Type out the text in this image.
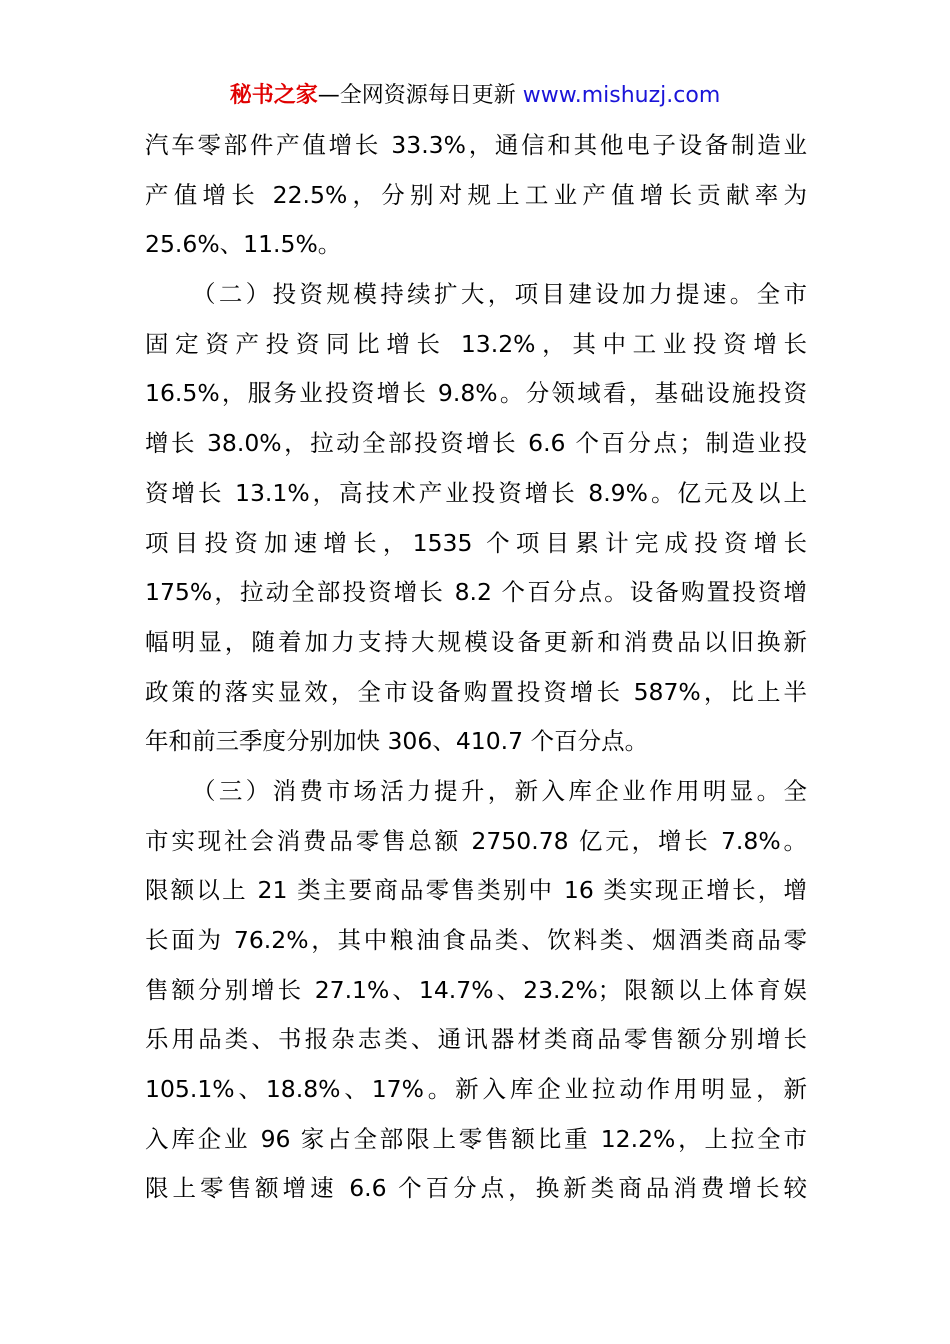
秘书之家—全网资源每日更新 www.mishuzj.com
汽车零部件产值增长 33.3%，通信和其他电子设备制造业
产值增长 22.5%，分别对规上工业产值增长贡献率为
25.6%、11.5%。
（二）投资规模持续扩大，项目建设加力提速。全市
固定资产投资同比增长 13.2%，其中工业投资增长
16.5%，服务业投资增长 9.8%。分领域看，基础设施投资
增长 38.0%，拉动全部投资增长 6.6 个百分点；制造业投
资增长 13.1%，高技术产业投资增长 8.9%。亿元及以上
项目投资加速增长，1535 个项目累计完成投资增长
175%，拉动全部投资增长 8.2 个百分点。设备购置投资增
幅明显，随着加力支持大规模设备更新和消费品以旧换新
政策的落实显效，全市设备购置投资增长 587%，比上半
年和前三季度分别加快 306、410.7 个百分点。
（三）消费市场活力提升，新入库企业作用明显。全
市实现社会消费品零售总额 2750.78 亿元，增长 7.8%。
限额以上 21 类主要商品零售类别中 16 类实现正增长，增
长面为 76.2%，其中粮油食品类、饮料类、烟酒类商品零
售额分别增长 27.1%、14.7%、23.2%；限额以上体育娱
乐用品类、书报杂志类、通讯器材类商品零售额分别增长
105.1%、18.8%、17%。新入库企业拉动作用明显，新
入库企业 96 家占全部限上零售额比重 12.2%，上拉全市
限上零售额增速 6.6 个百分点，换新类商品消费增长较
